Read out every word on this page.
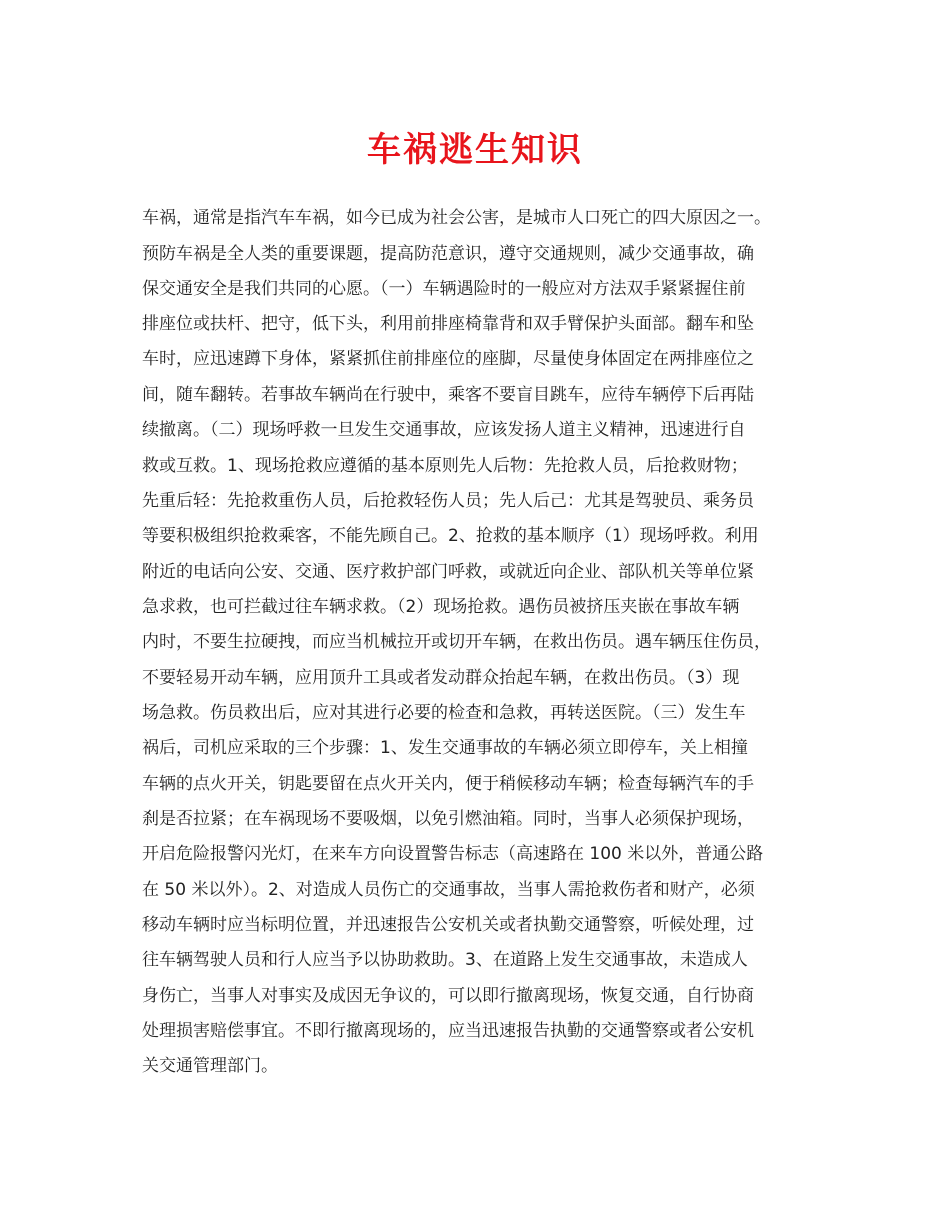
车祸逃生知识
车祸，通常是指汽车车祸，如今已成为社会公害，是城市人口死亡的四大原因之一。
预防车祸是全人类的重要课题，提高防范意识，遵守交通规则，减少交通事故，确
保交通安全是我们共同的心愿。（一）车辆遇险时的一般应对方法双手紧紧握住前
排座位或扶杆、把守，低下头，利用前排座椅靠背和双手臂保护头面部。翻车和坠
车时，应迅速蹲下身体，紧紧抓住前排座位的座脚，尽量使身体固定在两排座位之
间，随车翻转。若事故车辆尚在行驶中，乘客不要盲目跳车，应待车辆停下后再陆
续撤离。（二）现场呼救一旦发生交通事故，应该发扬人道主义精神，迅速进行自
救或互救。1、现场抢救应遵循的基本原则先人后物：先抢救人员，后抢救财物；
先重后轻：先抢救重伤人员，后抢救轻伤人员；先人后己：尤其是驾驶员、乘务员
等要积极组织抢救乘客，不能先顾自己。2、抢救的基本顺序（1）现场呼救。利用
附近的电话向公安、交通、医疗救护部门呼救，或就近向企业、部队机关等单位紧
急求救，也可拦截过往车辆求救。（2）现场抢救。遇伤员被挤压夹嵌在事故车辆
内时，不要生拉硬拽，而应当机械拉开或切开车辆，在救出伤员。遇车辆压住伤员，
不要轻易开动车辆，应用顶升工具或者发动群众抬起车辆，在救出伤员。（3）现
场急救。伤员救出后，应对其进行必要的检查和急救，再转送医院。（三）发生车
祸后，司机应采取的三个步骤：1、发生交通事故的车辆必须立即停车，关上相撞
车辆的点火开关，钥匙要留在点火开关内，便于稍候移动车辆；检查每辆汽车的手
刹是否拉紧；在车祸现场不要吸烟，以免引燃油箱。同时，当事人必须保护现场，
开启危险报警闪光灯，在来车方向设置警告标志（高速路在 100 米以外，普通公路
在 50 米以外）。2、对造成人员伤亡的交通事故，当事人需抢救伤者和财产，必须
移动车辆时应当标明位置，并迅速报告公安机关或者执勤交通警察，听候处理，过
往车辆驾驶人员和行人应当予以协助救助。3、在道路上发生交通事故，未造成人
身伤亡，当事人对事实及成因无争议的，可以即行撤离现场，恢复交通，自行协商
处理损害赔偿事宜。不即行撤离现场的，应当迅速报告执勤的交通警察或者公安机
关交通管理部门。
